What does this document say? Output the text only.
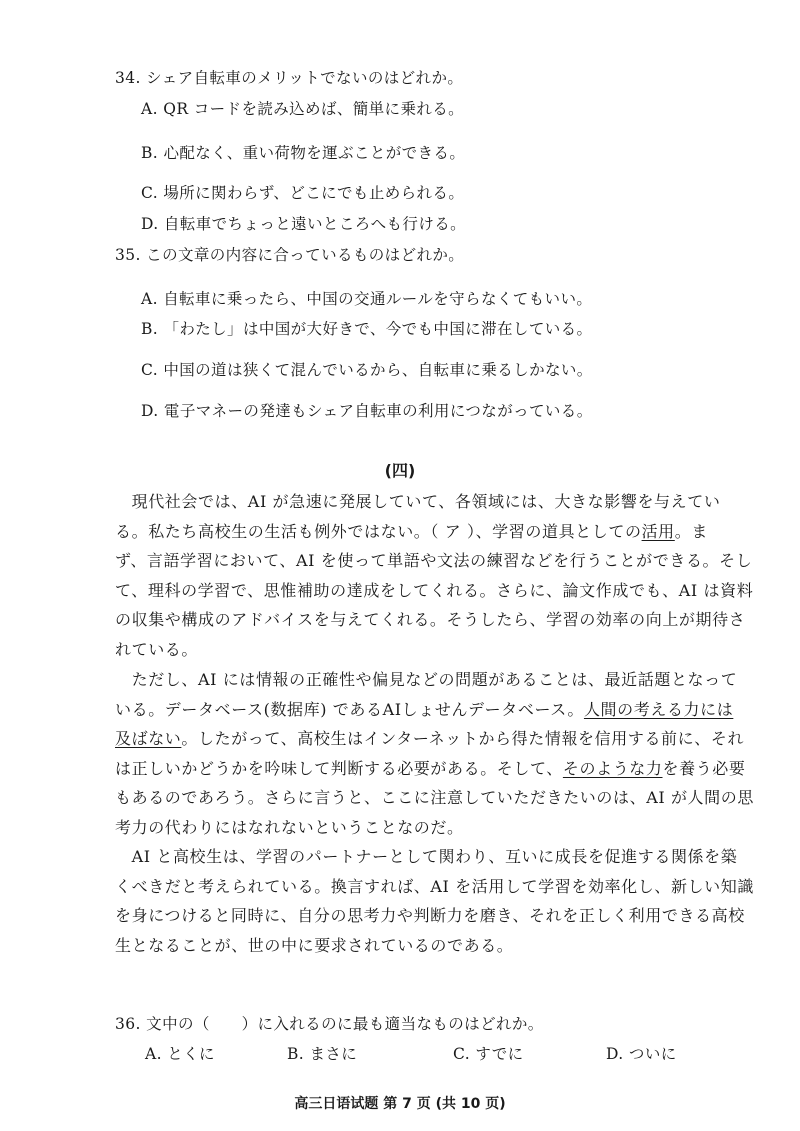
34. シェア自転車のメリットでないのはどれか。
A. QR コードを読み込めば、簡単に乗れる。
B. 心配なく、重い荷物を運ぶことができる。
C. 場所に関わらず、どこにでも止められる。
D. 自転車でちょっと遠いところへも行ける。
35. この文章の内容に合っているものはどれか。
A. 自転車に乗ったら、中国の交通ルールを守らなくてもいい。
B. 「わたし」は中国が大好きで、今でも中国に滞在している。
C. 中国の道は狭くて混んでいるから、自転車に乗るしかない。
D. 電子マネーの発達もシェア自転車の利用につながっている。
(四)
　現代社会では、AI が急速に発展していて、各領域には、大きな影響を与えてい
る。私たち高校生の生活も例外ではない。（ ア ）、学習の道具としての活用。ま
ず、言語学習において、AI を使って単語や文法の練習などを行うことができる。そし
て、理科の学習で、思惟補助の達成をしてくれる。さらに、論文作成でも、AI は資料
の収集や構成のアドバイスを与えてくれる。そうしたら、学習の効率の向上が期待さ
れている。
　ただし、AI には情報の正確性や偏見などの問題があることは、最近話題となって
いる。データベース(数据库) であるAIしょせんデータベース。人間の考える力には
及ばない。したがって、高校生はインターネットから得た情報を信用する前に、それ
は正しいかどうかを吟味して判断する必要がある。そして、そのような力を養う必要
もあるのであろう。さらに言うと、ここに注意していただきたいのは、AI が人間の思
考力の代わりにはなれないということなのだ。
　AI と高校生は、学習のパートナーとして関わり、互いに成長を促進する関係を築
くべきだと考えられている。換言すれば、AI を活用して学習を効率化し、新しい知識
を身につけると同時に、自分の思考力や判断力を磨き、それを正しく利用できる高校
生となることが、世の中に要求されているのである。
36. 文中の（　　）に入れるのに最も適当なものはどれか。
A. とくに	B. まさに	C. すでに	D. ついに
高三日语试题 第 7 页 (共 10 页)
